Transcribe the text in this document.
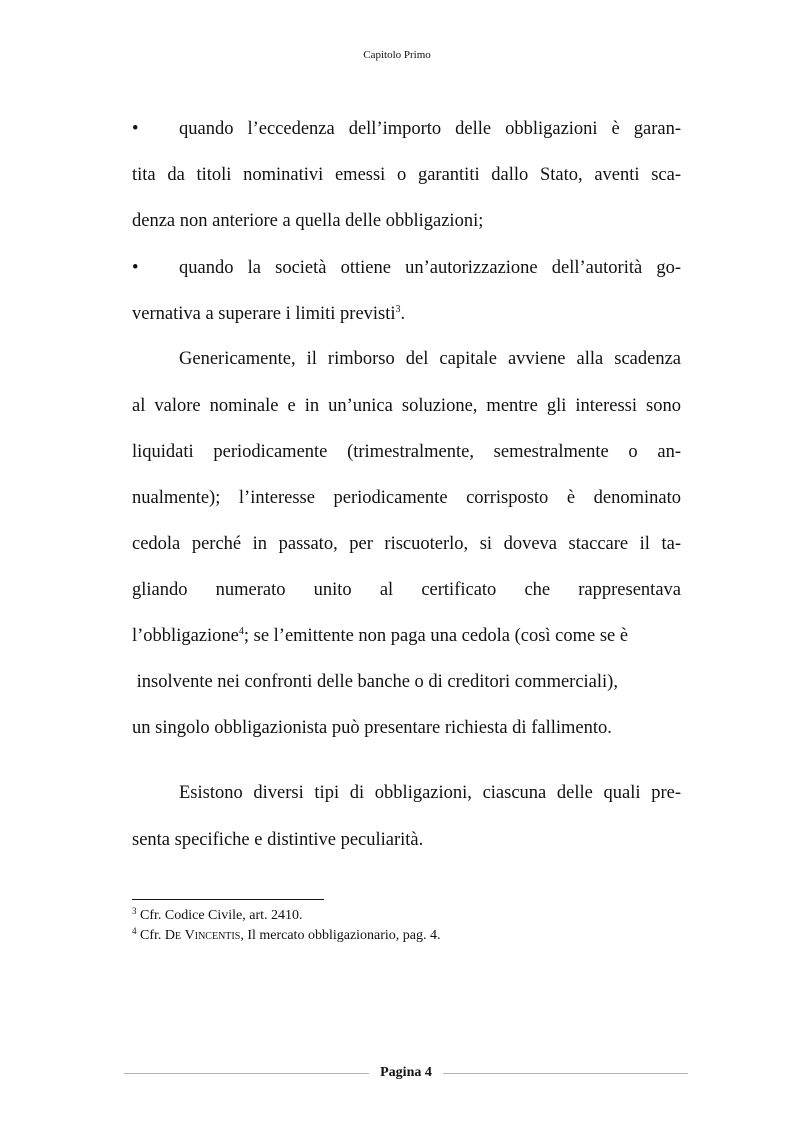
Capitolo Primo
• quando l’eccedenza dell’importo delle obbligazioni è garan-
tita da titoli nominativi emessi o garantiti dallo Stato, aventi sca-
denza non anteriore a quella delle obbligazioni;
• quando la società ottiene un’autorizzazione dell’autorità go-
vernativa a superare i limiti previsti$^3$.
Genericamente, il rimborso del capitale avviene alla scadenza
al valore nominale e in un’unica soluzione, mentre gli interessi sono
liquidati periodicamente (trimestralmente, semestralmente o an-
nualmente); l’interesse periodicamente corrisposto è denominato
cedola perché in passato, per riscuoterlo, si doveva staccare il ta-
gliando numerato unito al certificato che rappresentava
l’obbligazione$^4$; se l’emittente non paga una cedola (così come se è
insolvente nei confronti delle banche o di creditori commerciali),
un singolo obbligazionista può presentare richiesta di fallimento.
Esistono diversi tipi di obbligazioni, ciascuna delle quali pre-
senta specifiche e distintive peculiarità.
$^3$ Cfr. Codice Civile, art. 2410.
$^4$ Cfr. De Vincentis, Il mercato obbligazionario, pag. 4.
Pagina 4
